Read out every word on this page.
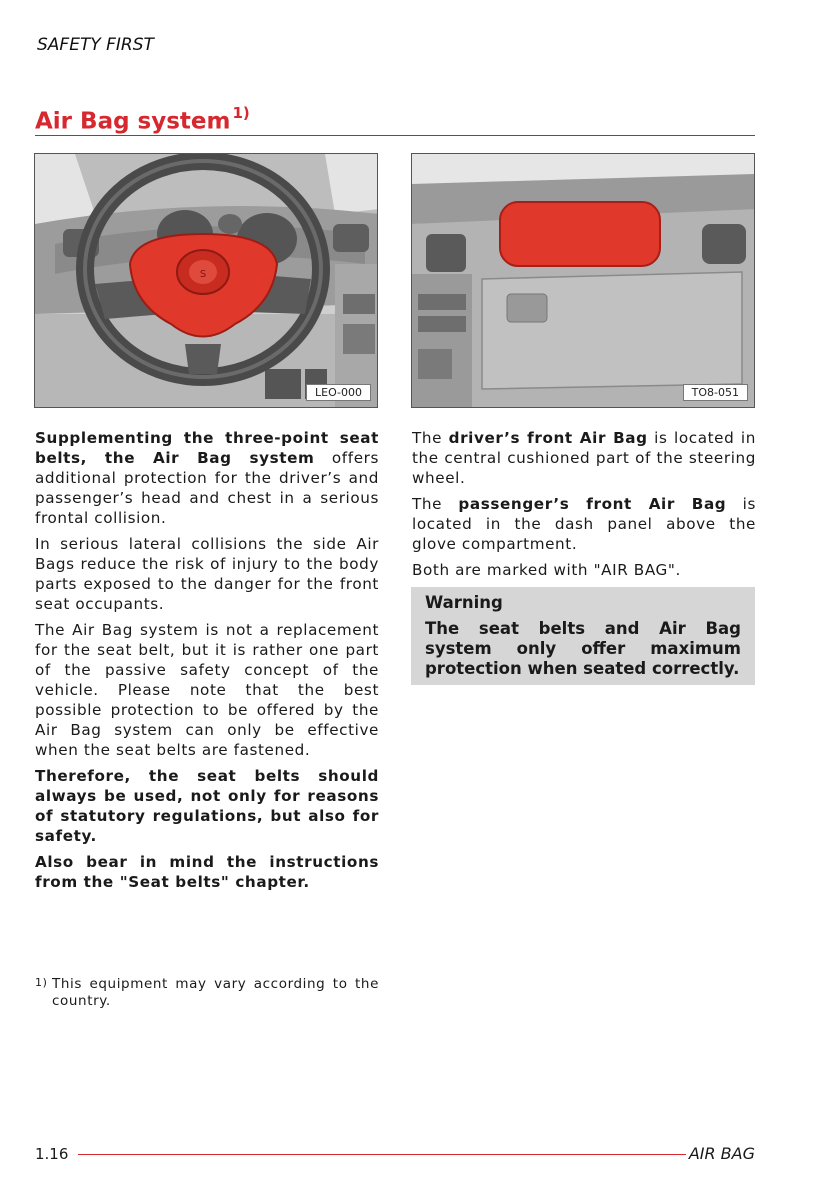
SAFETY FIRST
Air Bag system $^{1)}$
S
LEO-000	TO8-051

Supplementing the three-point seat belts, the Air Bag system offers additional protection for the driver’s and passenger’s head and chest in a serious frontal collision.

In serious lateral collisions the side Air Bags reduce the risk of injury to the body parts exposed to the danger for the front seat occupants.

The Air Bag system is not a replacement for the seat belt, but it is rather one part of the passive safety concept of the vehicle. Please note that the best possible protection to be offered by the Air Bag system can only be effective when the seat belts are fastened.

Therefore, the seat belts should always be used, not only for reasons of statutory regulations, but also for safety.

Also bear in mind the instructions from the "Seat belts" chapter.

The driver’s front Air Bag is located in the central cushioned part of the steering wheel.

The passenger’s front Air Bag is located in the dash panel above the glove compartment.

Both are marked with "AIR BAG".

Warning
The seat belts and Air Bag system only offer maximum protection when seated correctly.
1) This equipment may vary according to the country.
1.16	AIR BAG
